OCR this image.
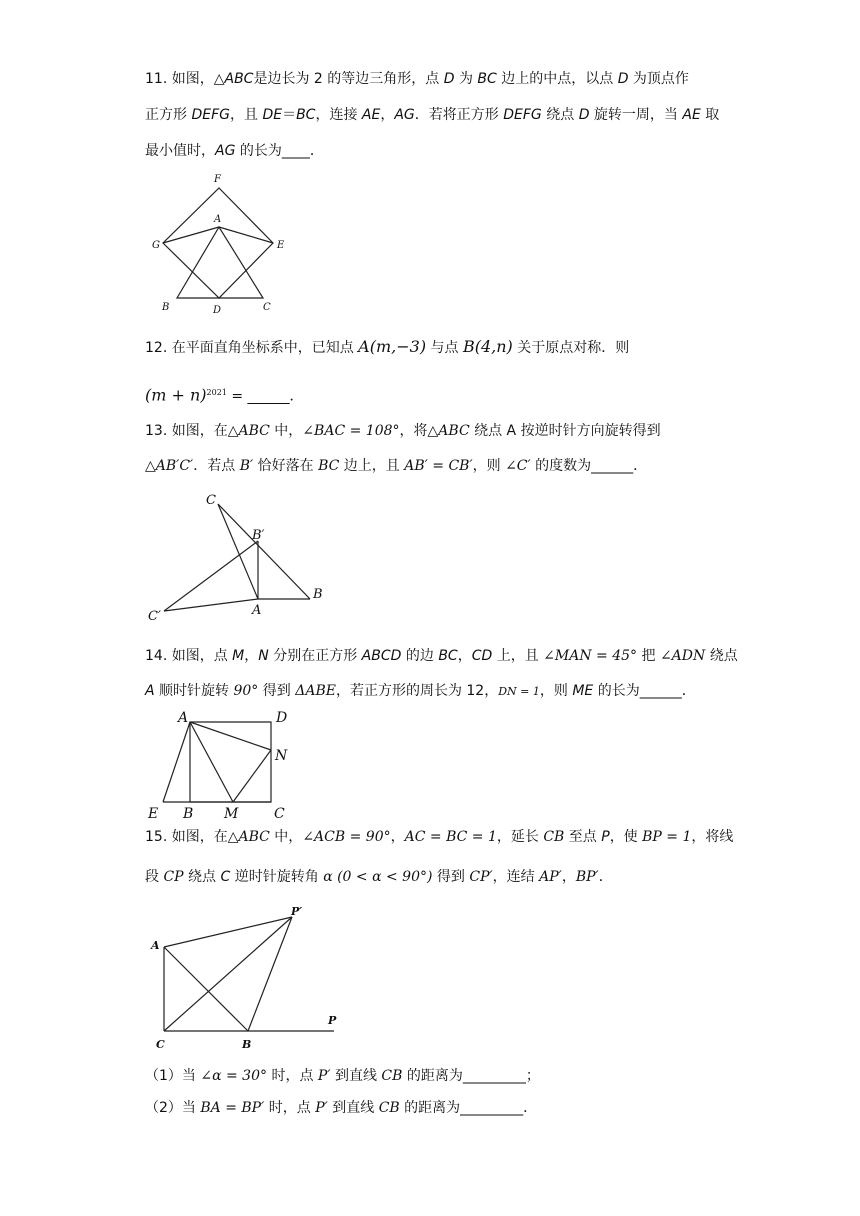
11. 如图，△ABC是边长为 2 的等边三角形，点 D 为 BC 边上的中点，以点 D 为顶点作
正方形 DEFG，且 DE＝BC，连接 AE，AG．若将正方形 DEFG 绕点 D 旋转一周，当 AE 取
最小值时，AG 的长为____．
F
A
G	E
B	D	C
12. 在平面直角坐标系中，已知点 A(m,−3) 与点 B(4,n) 关于原点对称．则
$(m + n)^{2021}$ = ______．
13. 如图，在△ABC 中，∠BAC = 108°，将△ABC 绕点 A 按逆时针方向旋转得到
△AB′C′．若点 B′ 恰好落在 BC 边上，且 AB′ = CB′，则 ∠C′ 的度数为______．
C
B′
B
C′	A
14. 如图，点 M，N 分别在正方形 ABCD 的边 BC，CD 上，且 ∠MAN = 45° 把 ∠ADN 绕点
A 顺时针旋转 90° 得到 ΔABE，若正方形的周长为 12，DN = 1，则 ME 的长为______．
A	D
N
E B M	C
15. 如图，在△ABC 中，∠ACB = 90°，AC = BC = 1，延长 CB 至点 P，使 BP = 1，将线
段 CP 绕点 C 逆时针旋转角 α (0 < α < 90°) 得到 CP′，连结 AP′，BP′．
P′
A
C	B
P
（1）当 ∠α = 30° 时，点 P′ 到直线 CB 的距离为_________；
（2）当 BA = BP′ 时，点 P′ 到直线 CB 的距离为_________．
